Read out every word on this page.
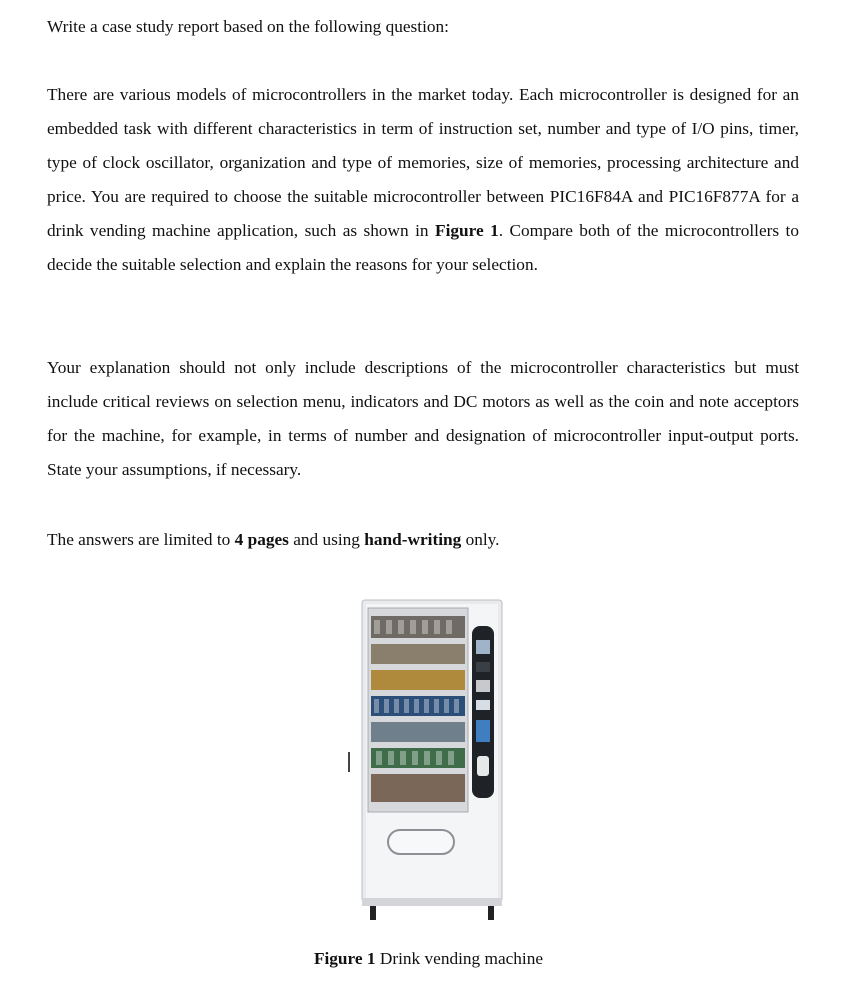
Write a case study report based on the following question:

There are various models of microcontrollers in the market today. Each microcontroller is designed for an embedded task with different characteristics in term of instruction set, number and type of I/O pins, timer, type of clock oscillator, organization and type of memories, size of memories, processing architecture and price. You are required to choose the suitable microcontroller between PIC16F84A and PIC16F877A for a drink vending machine application, such as shown in Figure 1. Compare both of the microcontrollers to decide the suitable selection and explain the reasons for your selection.

Your explanation should not only include descriptions of the microcontroller characteristics but must include critical reviews on selection menu, indicators and DC motors as well as the coin and note acceptors for the machine, for example, in terms of number and designation of microcontroller input-output ports. State your assumptions, if necessary.

The answers are limited to 4 pages and using hand-writing only.

Figure 1 Drink vending machine
